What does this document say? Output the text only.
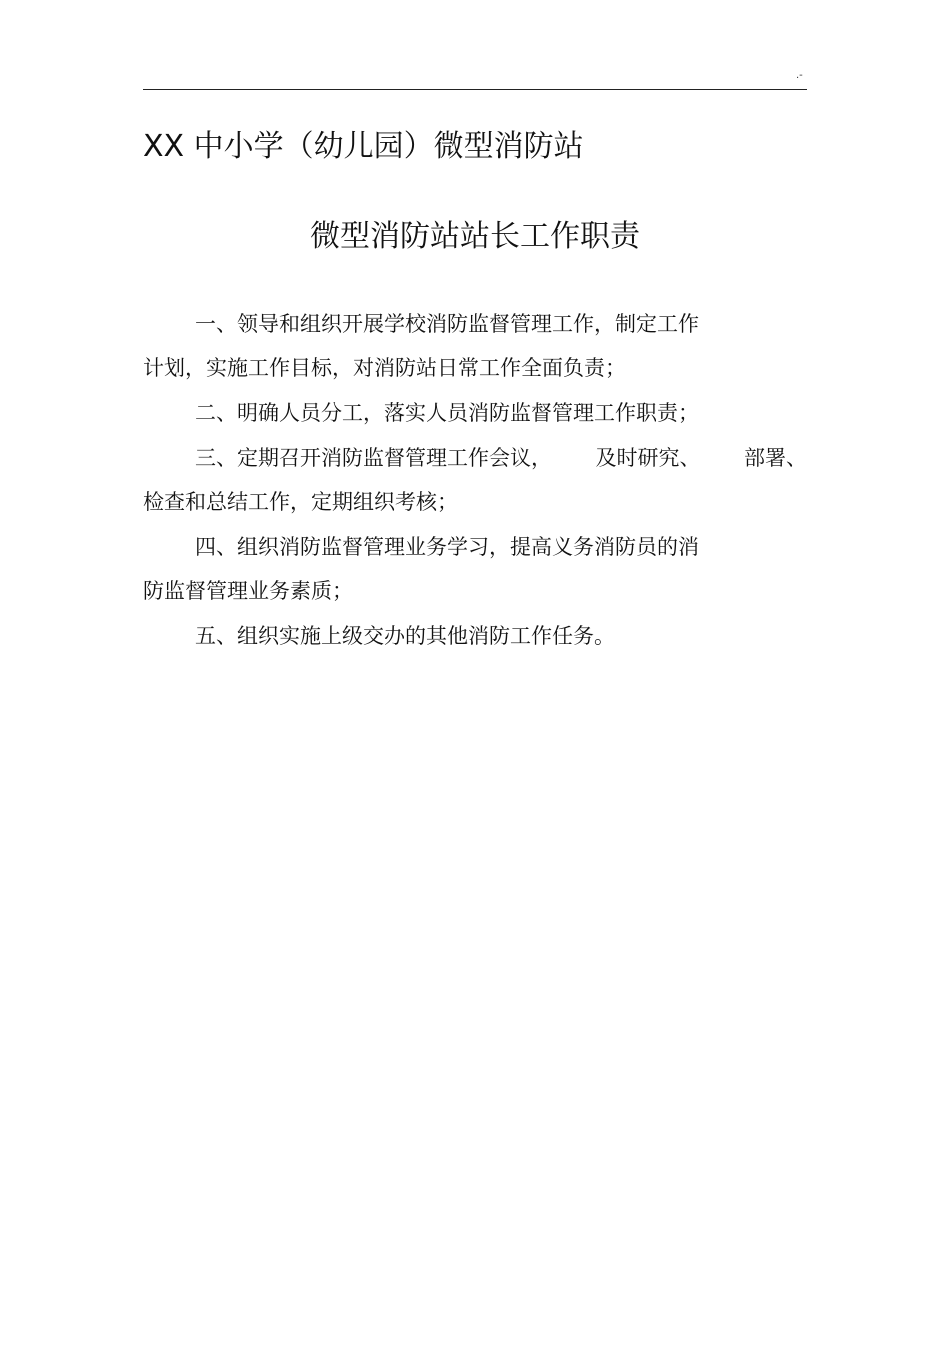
.-
XX 中小学（幼儿园）微型消防站
微型消防站站长工作职责
一、领导和组织开展学校消防监督管理工作，制定工作
计划，实施工作目标，对消防站日常工作全面负责；
二、明确人员分工，落实人员消防监督管理工作职责；
三、定期召开消防监督管理工作会议， 及时研究、 部署、
检查和总结工作，定期组织考核；
四、组织消防监督管理业务学习，提高义务消防员的消
防监督管理业务素质；
五、组织实施上级交办的其他消防工作任务。
